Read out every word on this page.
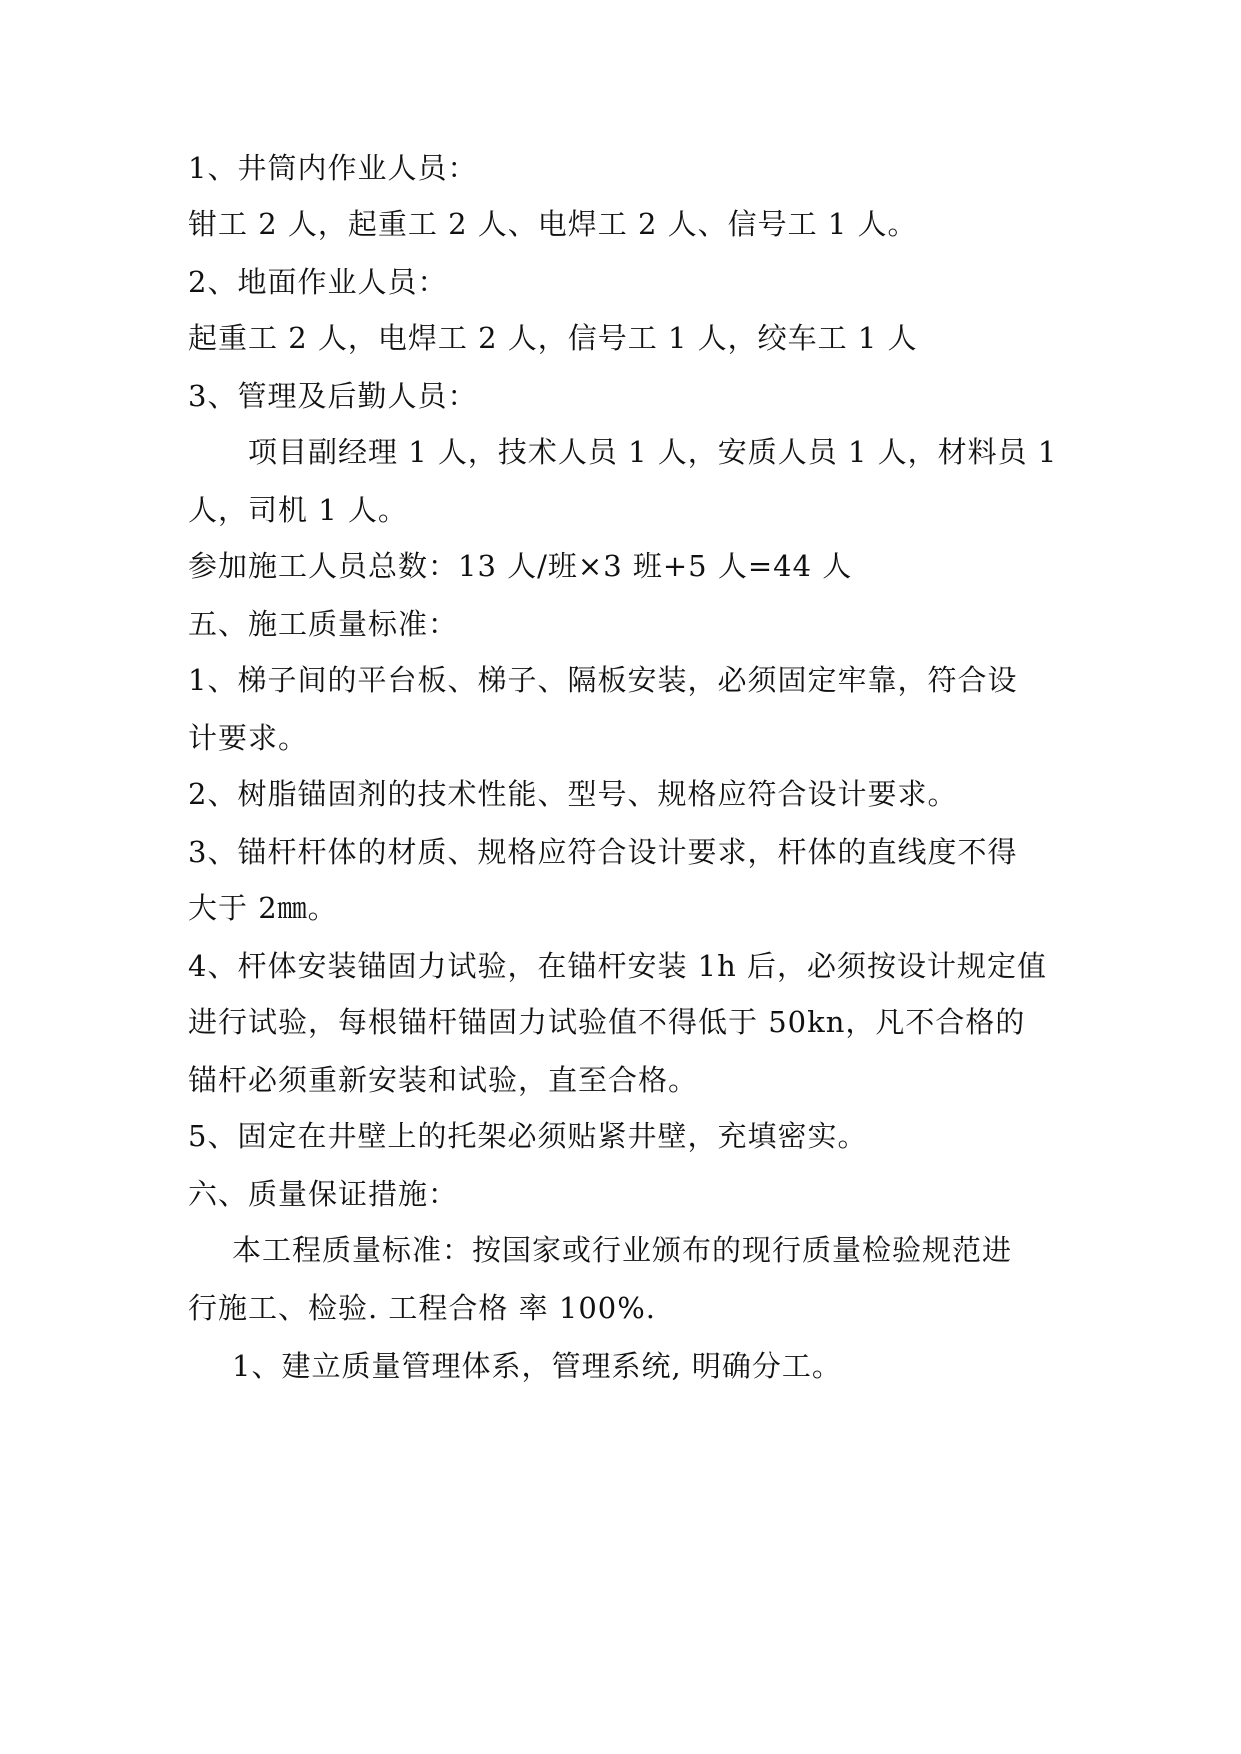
1、井筒内作业人员：
钳工 2 人，起重工 2 人、电焊工 2 人、信号工 1 人。
2、地面作业人员：
起重工 2 人，电焊工 2 人，信号工 1 人，绞车工 1 人
3、管理及后勤人员：
项目副经理 1 人，技术人员 1 人，安质人员 1 人，材料员 1
人，司机 1 人。
参加施工人员总数：13 人/班×3 班+5 人=44 人
五、施工质量标准：
1、梯子间的平台板、梯子、隔板安装，必须固定牢靠，符合设
计要求。
2、树脂锚固剂的技术性能、型号、规格应符合设计要求。
3、锚杆杆体的材质、规格应符合设计要求，杆体的直线度不得
大于 2㎜。
4、杆体安装锚固力试验，在锚杆安装 1h 后，必须按设计规定值
进行试验，每根锚杆锚固力试验值不得低于 50kn，凡不合格的
锚杆必须重新安装和试验，直至合格。
5、固定在井壁上的托架必须贴紧井壁，充填密实。
六、质量保证措施：
本工程质量标准：按国家或行业颁布的现行质量检验规范进
行施工、检验. 工程合格 率 100%.
1、建立质量管理体系，管理系统, 明确分工。
